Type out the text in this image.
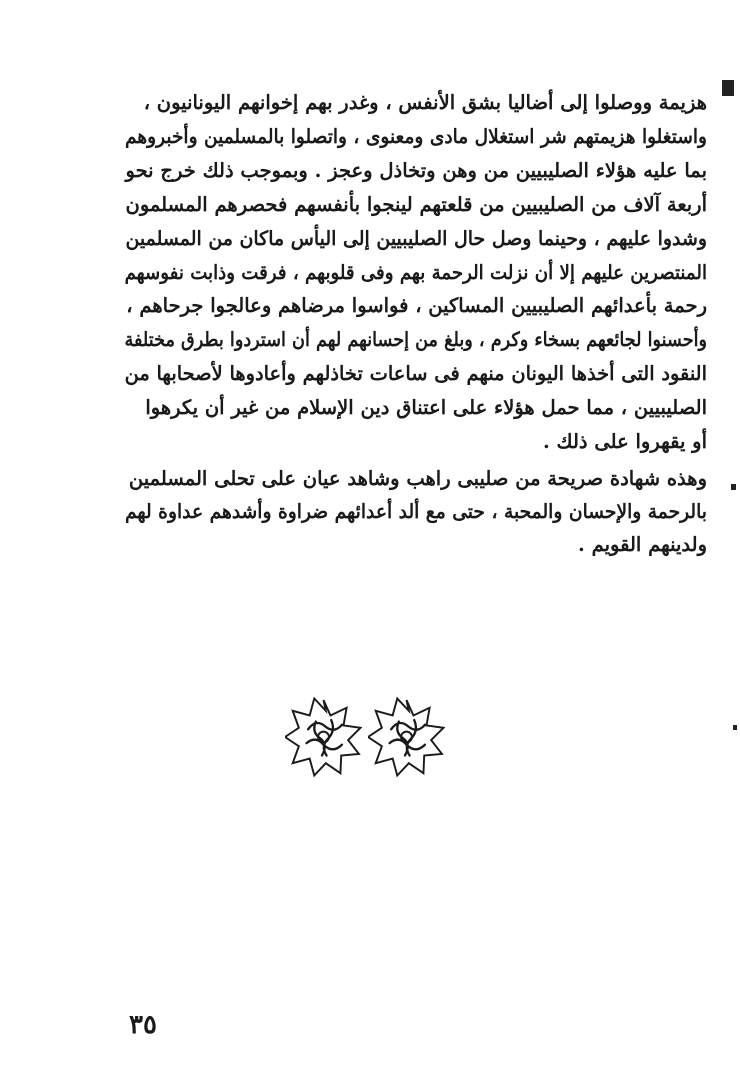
هزيمة ووصلوا إلى أضاليا بشق الأنفس ، وغدر بهم إخوانهم اليونانيون ،
واستغلوا هزيمتهم شر استغلال مادى ومعنوى ، واتصلوا بالمسلمين وأخبروهم
بما عليه هؤلاء الصليبيين من وهن وتخاذل وعجز . وبموجب ذلك خرج نحو
أربعة آلاف من الصليبيين من قلعتهم لينجوا بأنفسهم فحصرهم المسلمون
وشدوا عليهم ، وحينما وصل حال الصليبيين إلى اليأس ماكان من المسلمين
المنتصرين عليهم إلا أن نزلت الرحمة بهم وفى قلوبهم ، فرقت وذابت نفوسهم
رحمة بأعدائهم الصليبيين المساكين ، فواسوا مرضاهم وعالجوا جرحاهم ،
وأحسنوا لجائعهم بسخاء وكرم ، وبلغ من إحسانهم لهم أن استردوا بطرق مختلفة
النقود التى أخذها اليونان منهم فى ساعات تخاذلهم وأعادوها لأصحابها من
الصليبيين ، مما حمل هؤلاء على اعتناق دين الإسلام من غير أن يكرهوا
أو يقهروا على ذلك .
وهذه شهادة صريحة من صليبى راهب وشاهد عيان على تحلى المسلمين
بالرحمة والإحسان والمحبة ، حتى مع ألد أعدائهم ضراوة وأشدهم عداوة لهم
ولدينهم القويم .
٣٥
